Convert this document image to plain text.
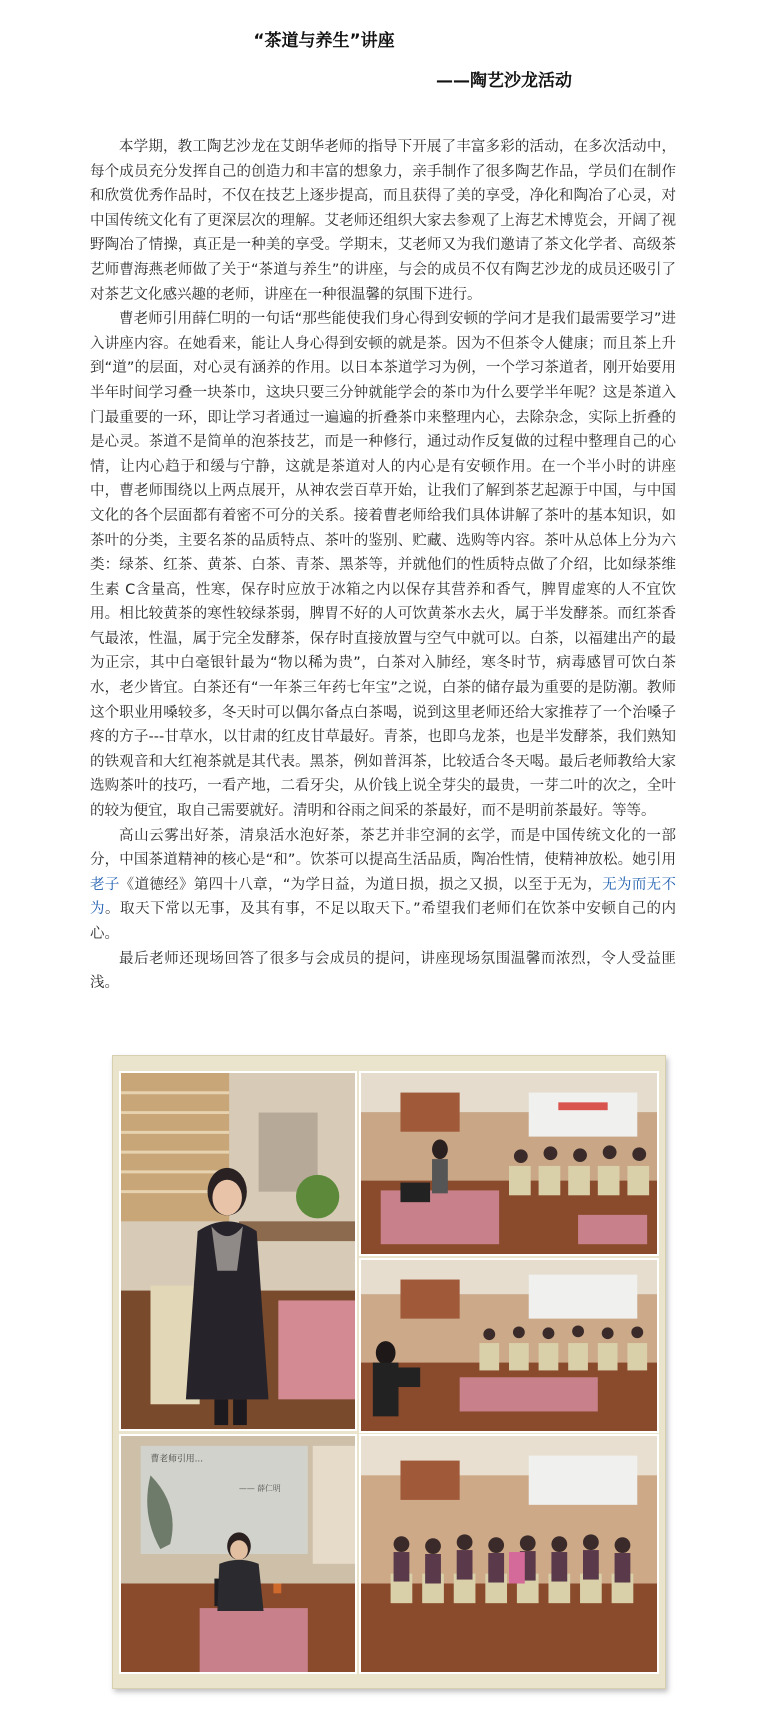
“茶道与养生”讲座
——陶艺沙龙活动

本学期，教工陶艺沙龙在艾朗华老师的指导下开展了丰富多彩的活动，在多次活动中，每个成员充分发挥自己的创造力和丰富的想象力，亲手制作了很多陶艺作品，学员们在制作和欣赏优秀作品时，不仅在技艺上逐步提高，而且获得了美的享受，净化和陶冶了心灵，对中国传统文化有了更深层次的理解。艾老师还组织大家去参观了上海艺术博览会，开阔了视野陶冶了情操，真正是一种美的享受。学期末，艾老师又为我们邀请了茶文化学者、高级茶艺师曹海燕老师做了关于“茶道与养生”的讲座，与会的成员不仅有陶艺沙龙的成员还吸引了对茶艺文化感兴趣的老师，讲座在一种很温馨的氛围下进行。

曹老师引用薛仁明的一句话“那些能使我们身心得到安顿的学问才是我们最需要学习”进入讲座内容。在她看来，能让人身心得到安顿的就是茶。因为不但茶令人健康；而且茶上升到“道”的层面，对心灵有涵养的作用。以日本茶道学习为例，一个学习茶道者，刚开始要用半年时间学习叠一块茶巾，这块只要三分钟就能学会的茶巾为什么要学半年呢？这是茶道入门最重要的一环，即让学习者通过一遍遍的折叠茶巾来整理内心，去除杂念，实际上折叠的是心灵。茶道不是简单的泡茶技艺，而是一种修行，通过动作反复做的过程中整理自己的心情，让内心趋于和缓与宁静，这就是茶道对人的内心是有安顿作用。在一个半小时的讲座中，曹老师围绕以上两点展开，从神农尝百草开始，让我们了解到茶艺起源于中国，与中国文化的各个层面都有着密不可分的关系。接着曹老师给我们具体讲解了茶叶的基本知识，如茶叶的分类，主要名茶的品质特点、茶叶的鉴别、贮藏、选购等内容。茶叶从总体上分为六类：绿茶、红茶、黄茶、白茶、青茶、黑茶等，并就他们的性质特点做了介绍，比如绿茶维生素 C含量高，性寒，保存时应放于冰箱之内以保存其营养和香气，脾胃虚寒的人不宜饮用。相比较黄茶的寒性较绿茶弱，脾胃不好的人可饮黄茶水去火，属于半发酵茶。而红茶香气最浓，性温，属于完全发酵茶，保存时直接放置与空气中就可以。白茶，以福建出产的最为正宗，其中白毫银针最为“物以稀为贵”，白茶对入肺经，寒冬时节，病毒感冒可饮白茶水，老少皆宜。白茶还有“一年茶三年药七年宝”之说，白茶的储存最为重要的是防潮。教师这个职业用嗓较多，冬天时可以偶尔备点白茶喝，说到这里老师还给大家推荐了一个治嗓子疼的方子---甘草水，以甘肃的红皮甘草最好。青茶，也即乌龙茶，也是半发酵茶，我们熟知的铁观音和大红袍茶就是其代表。黑茶，例如普洱茶，比较适合冬天喝。最后老师教给大家选购茶叶的技巧，一看产地，二看牙尖，从价钱上说全芽尖的最贵，一芽二叶的次之，全叶的较为便宜，取自己需要就好。清明和谷雨之间采的茶最好，而不是明前茶最好。等等。

高山云雾出好茶，清泉活水泡好茶，茶艺并非空洞的玄学，而是中国传统文化的一部分，中国茶道精神的核心是“和”。饮茶可以提高生活品质，陶冶性情，使精神放松。她引用老子《道德经》第四十八章，“为学日益，为道日损，损之又损，以至于无为，无为而无不为。取天下常以无事，及其有事，不足以取天下。”希望我们老师们在饮茶中安顿自己的内心。

最后老师还现场回答了很多与会成员的提问，讲座现场氛围温馨而浓烈，令人受益匪浅。

曹老师引用...
—— 薛仁明
